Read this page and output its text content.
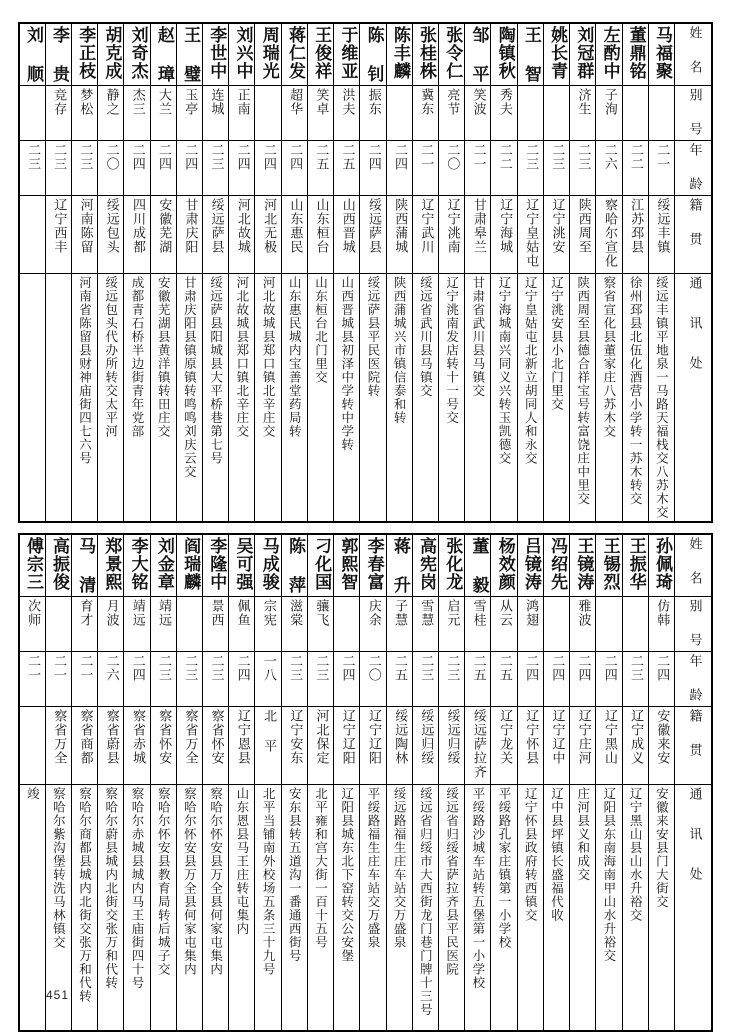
刘 顺	李 贵	李正枝	胡克成	刘奇杰	赵 璋	王 璧	李世中	刘兴中	周瑞光	蒋仁发	王俊祥	于维亚	陈 钊	陈丰麟	张桂株	张令仁	邹 平	陶镇秋	王 智	姚长青	刘冠群	左酌中	董鼎铭	马福聚	姓 名

	竞存	梦松	静之	杰三	大兰	玉亭	连城	正南		超华	笑卓	洪夫	振东		冀东	亮节	笑波	秀夫			济生	子洵			别 号

二三	二三	二三	二〇	二四	二四	二四	二三	二四	二四	二四	二五	二五	二四	二四	二一	二〇	二一	二二	二三	二三	二三	二六	二二	二一	年 龄

	辽宁西丰	河南陈留	绥远包头	四川成都	安徽芜湖	甘肃庆阳	绥远萨县	河北故城	河北无极	山东惠民	山东桓台	山西晋城	绥远萨县	陕西蒲城	辽宁武川	辽宁洮南	甘肃皋兰	辽宁海城	辽宁皇姑屯	辽宁洮安	陕西周至	察哈尔宣化	江苏邳县	绥远丰镇	籍 贯

		河南省陈留县财神庙街四七六号	绥远包头代办所转交太平河	成都青石桥半边街青年党部	安徽芜湖县黄洋镇转田庄交	甘肃庆阳县镇原镇转鸣鸣刘庆云交	绥远萨县阳城县大平桥巷第七号	河北故城县郑口镇北辛庄交	河北故城县郑口镇北辛庄交	山东惠民城内宝善堂药局转	山东桓台北门里交	山西晋城县初泽中学转中学转	绥远萨县平民医院转	陕西蒲城兴市镇信泰和转	绥远省武川县马镇交	辽宁洮南发店转十一号交	甘肃省武川县马镇交	辽宁海城南兴同义兴转玉凯德交	辽宁皇姑屯北新立胡同人和永交	辽宁洮安县小北门里交	陕西周至县德合祥宝号转富饶庄中里交	察省宣化县董家庄八苏木交	徐州邳县北伍化酒营小学转一苏木转交	绥远丰镇平地泉一马路天福栈交八苏木交	通 讯 处
傅宗三	高振俊	马 清	郑景熙	李大铭	刘金章	阎瑞麟	李隆中	吴可强	马成骏	陈 萍	刁化国	郭熙智	李春富	蒋 升	高宪岗	张化龙	董 毅	杨效颜	吕镜涛	冯绍先	王镜涛	王锡烈	王振华	孙佩琦	姓 名

次师		育才	月波	靖远	靖远		景西	佩鱼	宗宪	滋棠	骧飞		庆余	子慧	雪慧	启元	雪桂	从云	鸿翅		雅波			仿韩	别 号

二一	二一	二一	二六	二四	二三	二三	二三	二四	一八	二三	二三	二四	二〇	二五	二三	二三	二五	二五	二四	二四	二四	二四	二三	二四	年 龄

	察省万全	察省商都	察省蔚县	察省赤城	察省怀安	察省万全	察省怀安	辽宁恩县	北 平	辽宁安东	河北保定	辽宁辽阳	辽宁辽阳	绥远陶林	绥远归绥	绥远归绥	绥远萨拉齐	辽宁龙关	辽宁怀县	辽宁辽中	辽宁庄河	辽宁黑山	辽宁成义	安徽来安	籍 贯

竣	察哈尔紫沟堡转洗马林镇交	察哈尔商都县城内北街交张万和代转	察哈尔蔚县城内北街交张万和代转	察哈尔赤城县城内马王庙街四十号	察哈尔怀安县教育局转后城子交	察哈尔怀安县万全县何家屯集内	察哈尔怀安县万全县何家屯集内	山东恩县马王庄转屯集内	北平当铺南外校场五条三十九号	安东县转五道沟一番通西街号	北平雍和宫大街一百十五号	辽阳县城东北下窑转交公安堡	平绥路福生庄车站交万盛泉	绥远路福生庄车站交万盛泉	绥远省归绥市大西街龙门巷门牌十三号	绥远省归绥省萨拉齐县平民医院	平绥路沙城车站转五堡第一小学校	平绥路孔家庄镇第一小学校	辽宁怀县政府转西镇交	辽中县坪镇长盛福代收	庄河县义和成交	辽阳县东南海南甲山水升裕交	辽宁黑山县山水升裕交	安徽来安县门大街交	通 讯 处
451
